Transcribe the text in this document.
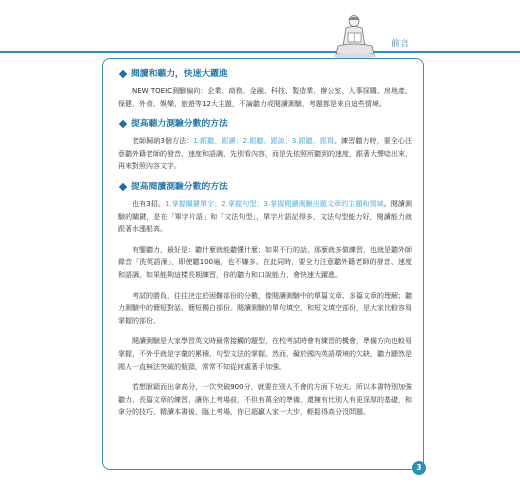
前言
閱讀和聽力，快速大躍進

NEW TOEIC測驗偏向：企業、商務、金融、科技、製造業、辦公室、人事採購、房地產、保健、外食、娛樂、旅遊等12大主題，不論聽力或閱讀測驗，考題都是來自這些情境。

提高聽力測驗分數的方法

老師歸納3個方法：1.跟聽、跟讀；2.跟聽、跟說；3.跟聽、跟寫。練習聽力時，要全心注意聽外籍老師的發音、速度和語調，先別看內容，而是先依照所聽到的速度，跟著大聲唸出來，再來對照內容文字。

提高閱讀測驗分數的方法

也有3招。1.掌握關鍵單字；2.掌握句型；3.掌握閱讀測驗出題文章的主題和領域。閱讀測驗的關鍵，是在「單字片語」和「文法句型」，單字片語記得多、文法句型能力好，閱讀能力就跟著水漲船高。

有鑒聽力，最好是：聽什麼就能聽懂什麼；如果不行的話，那麼就多做練習，也就是聽外師錄音「洗英語澡」，即使聽100遍，也不嫌多。在此同時，要全力注意聽外籍老師的發音、速度和語調，如果能夠這樣長期練習，你的聽力和口說能力，會快速大躍進。

考試的勝負，往往決定於困難部份的分數，像閱讀測驗中的單篇文章、多篇文章的理解；聽力測驗中的簡短對話、簡短獨白部份。閱讀測驗的單句填空、和短文填空部份，是大家比較容易掌握的部份。

閱讀測驗是大家學習英文時最常接觸的題型，在校考試時會有練習的機會，準備方向也較易掌握，不外乎就是字彙的累積、句型文法的掌握。然而，礙於國內英語環境的欠缺，聽力顯然是國人一直無法突破的瓶頸，常常不知從何處著手加強。

若想脫穎而出拿高分，一次突破900分，就要在別人不會的方面下功夫。所以本書特別加強聽力、長篇文章的練習，讓你上考場前，不但有萬全的準備，還擁有比別人有更深厚的基礎，和拿分的技巧，精讀本書後，臨上考場，你已超贏人家一大步，輕鬆得高分沒問題。

3
